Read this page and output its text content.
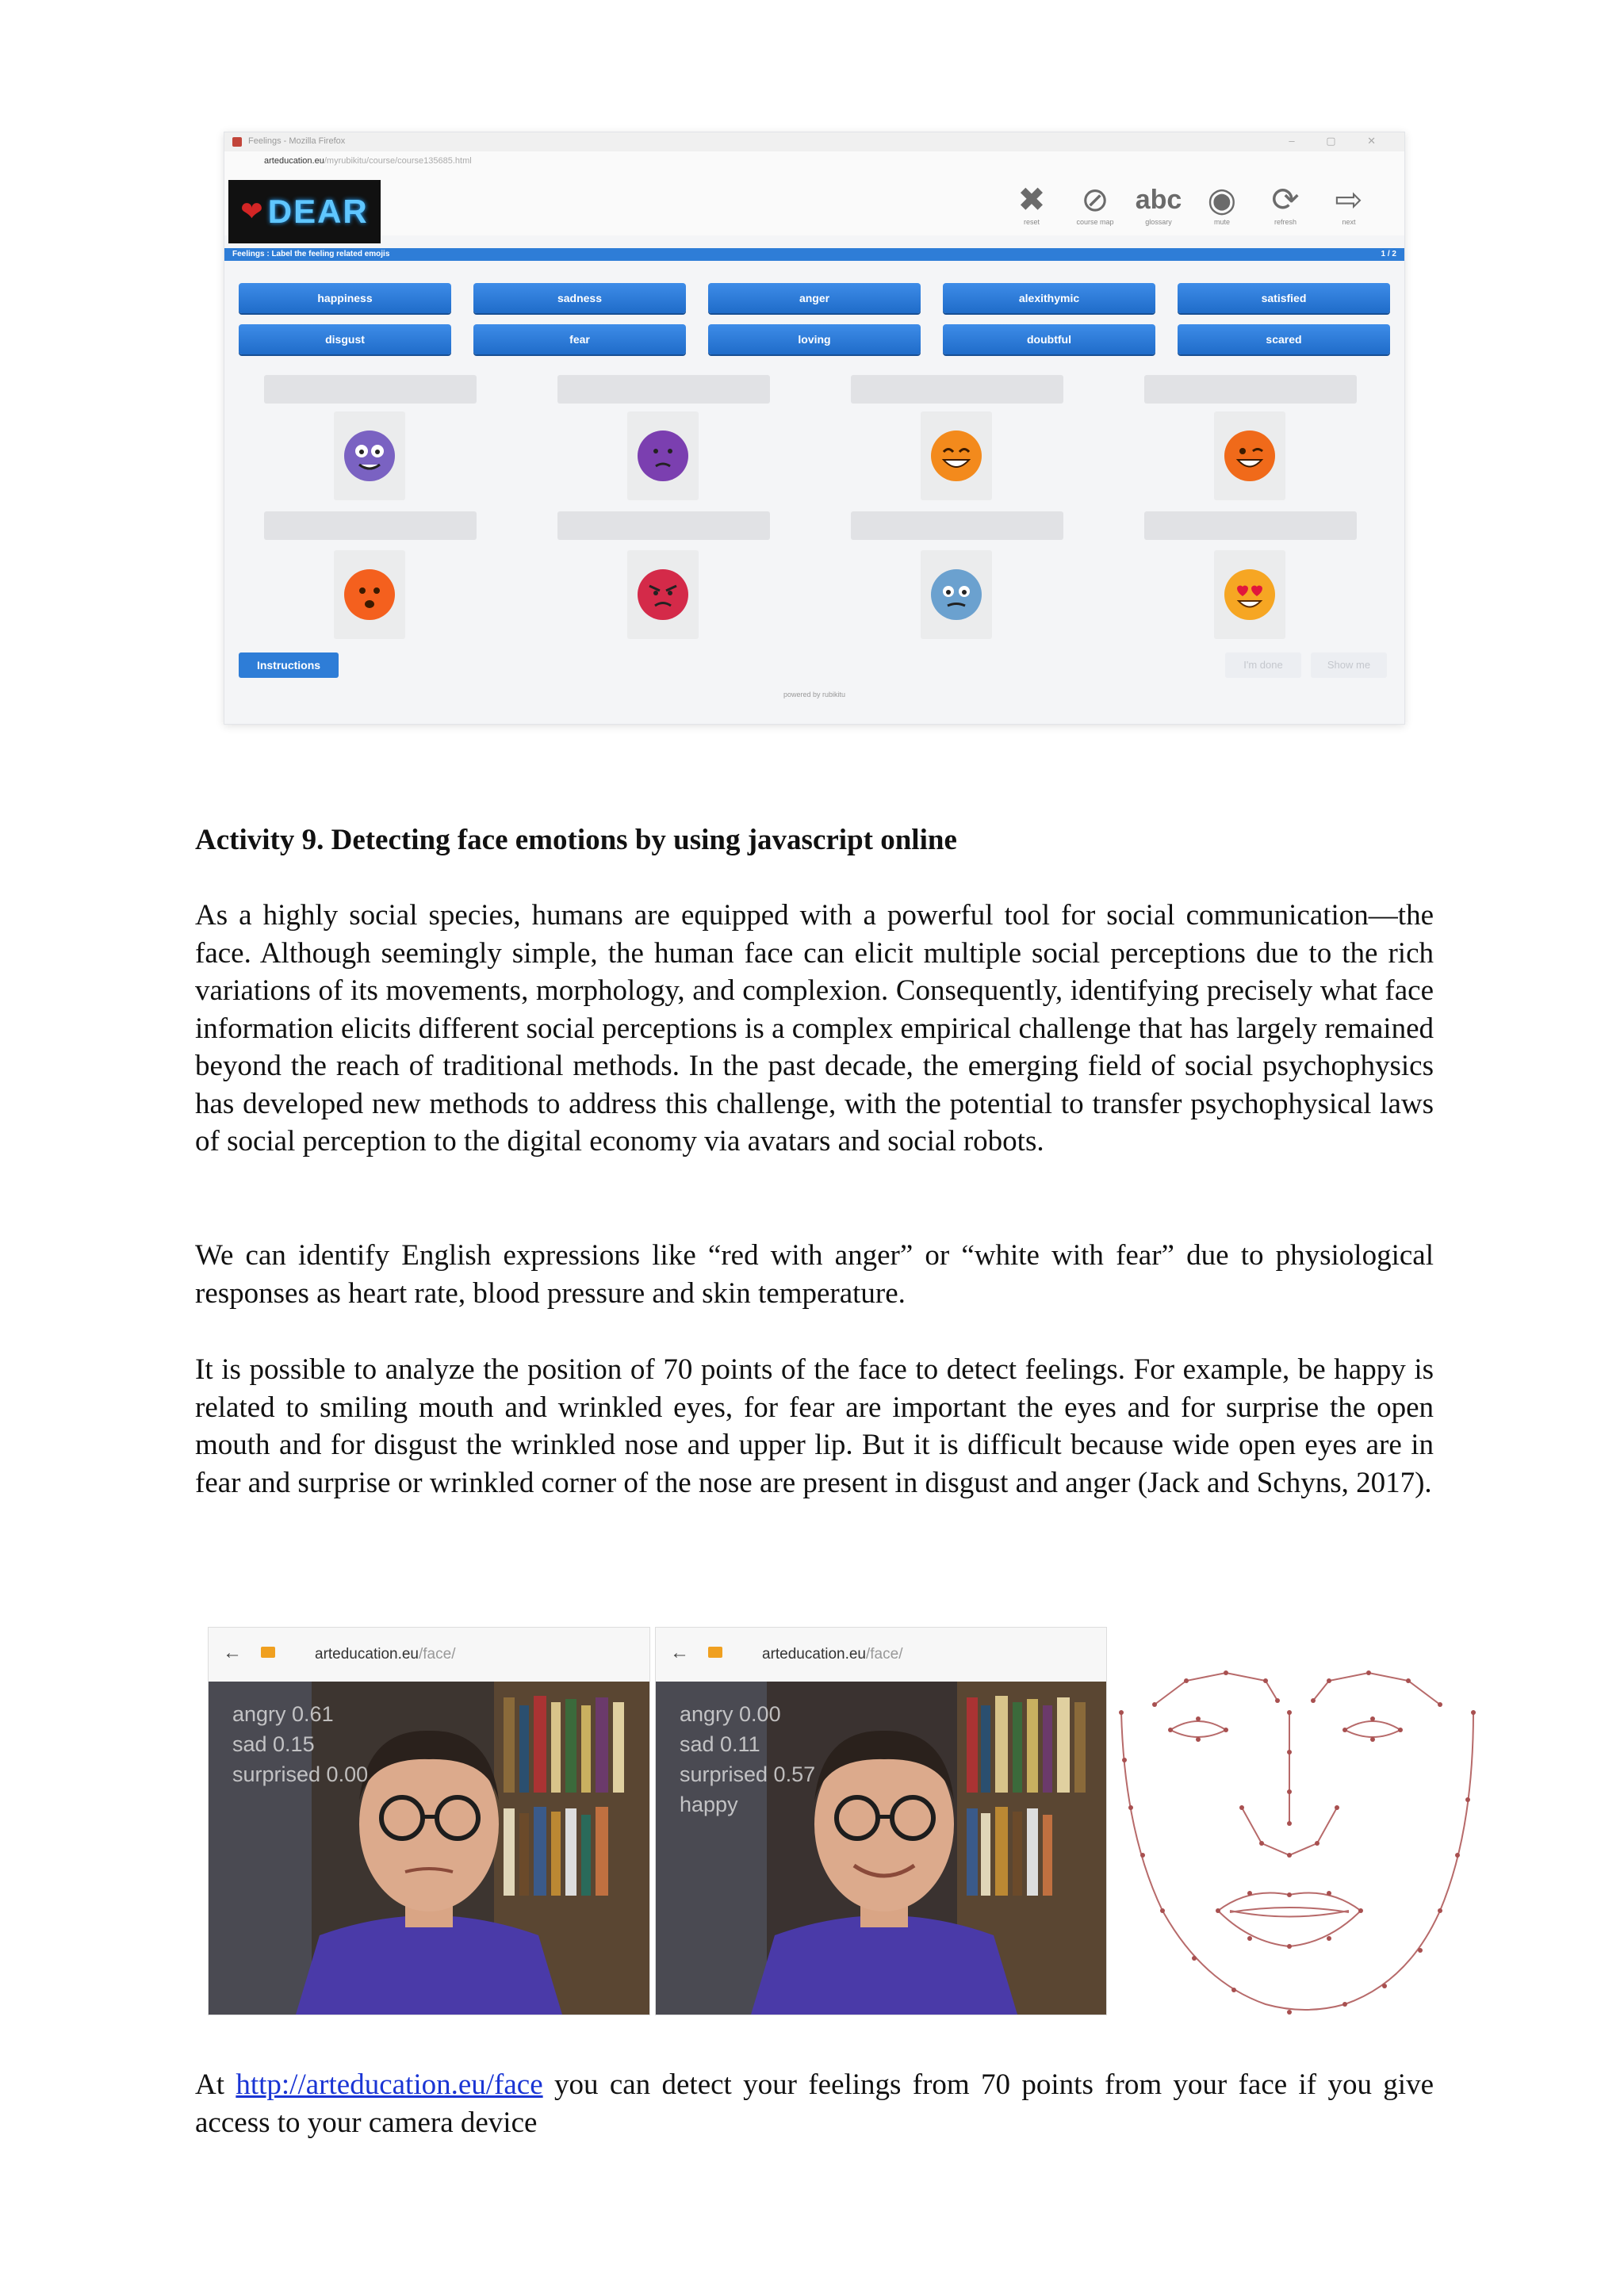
Feelings - Mozilla Firefox	– ▢ ✕
arteducation.eu/myrubikitu/course/course135685.html
❤ DEAR	✖
reset
⊘
course map
abc
glossary
◉
mute
⟳
refresh
⇨
next
Feelings : Label the feeling related emojis	1 / 2
happiness	sadness	anger	alexithymic	satisfied
disgust	fear	loving	doubtful	scared
Instructions	I'm done	Show me
powered by rubikitu
Activity 9. Detecting face emotions by using javascript online

As a highly social species, humans are equipped with a powerful tool for social communication—the face. Although seemingly simple, the human face can elicit multiple social perceptions due to the rich variations of its movements, morphology, and complexion. Consequently, identifying precisely what face information elicits different social perceptions is a complex empirical challenge that has largely remained beyond the reach of traditional methods. In the past decade, the emerging field of social psychophysics has developed new methods to address this challenge, with the potential to transfer psychophysical laws of social perception to the digital economy via avatars and social robots.

We can identify English expressions like “red with anger” or “white with fear” due to physiological responses as heart rate, blood pressure and skin temperature.

It is possible to analyze the position of 70 points of the face to detect feelings. For example, be happy is related to smiling mouth and wrinkled eyes, for fear are important the eyes and for surprise the open mouth and for disgust the wrinkled nose and upper lip. But it is difficult because wide open eyes are in fear and surprise or wrinkled corner of the nose are present in disgust and anger (Jack and Schyns, 2017).

←	arteducation.eu/face/
angry 0.61
sad 0.15
surprised 0.00
←	arteducation.eu/face/
angry 0.00
sad 0.11
surprised 0.57
happy

At http://arteducation.eu/face you can detect your feelings from 70 points from your face if you give access to your camera device
